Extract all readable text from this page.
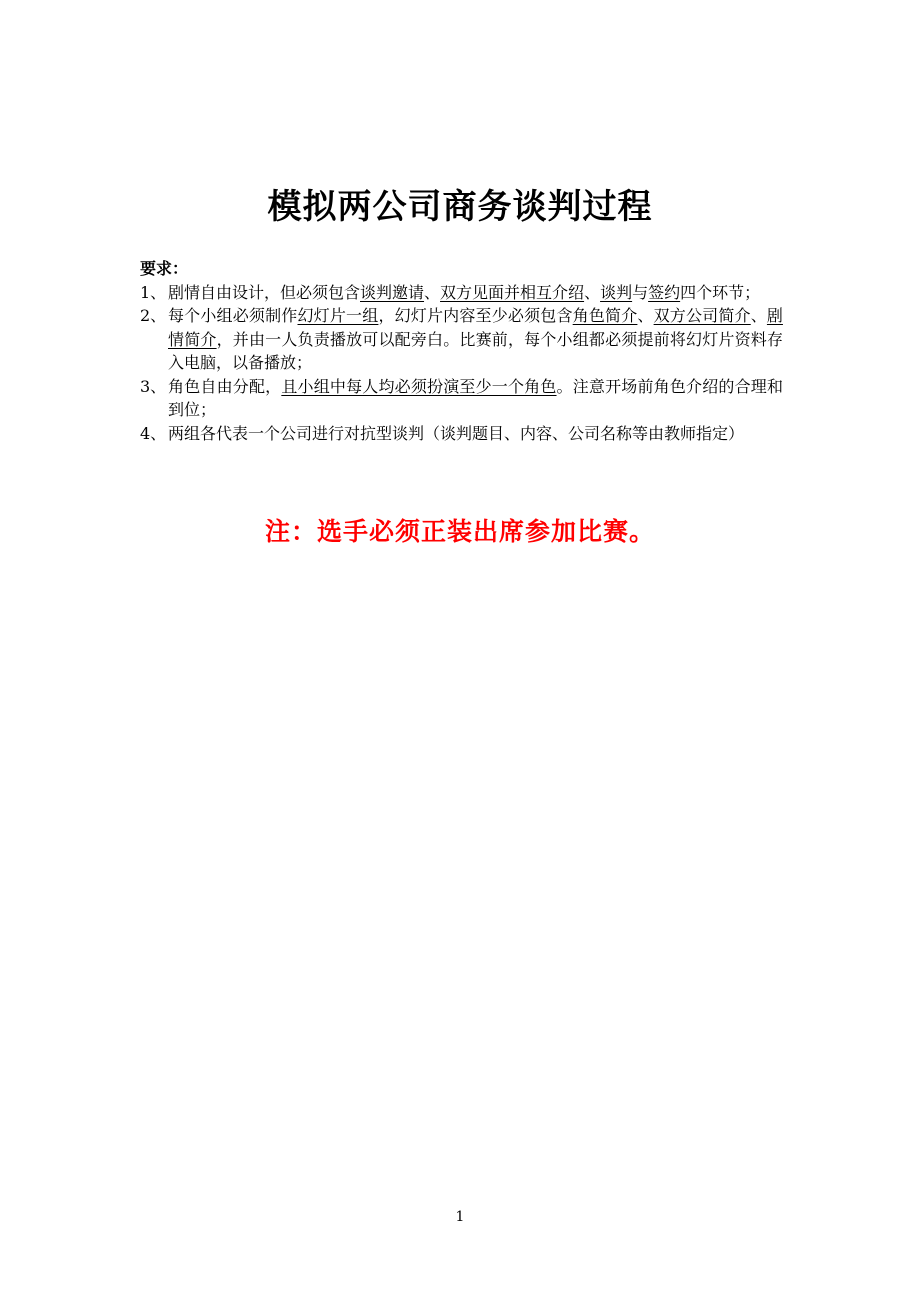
模拟两公司商务谈判过程

要求：

1、 剧情自由设计，但必须包含谈判邀请、双方见面并相互介绍、谈判与签约四个环节；
2、 每个小组必须制作幻灯片一组，幻灯片内容至少必须包含角色简介、双方公司简介、剧情简介，并由一人负责播放可以配旁白。比赛前，每个小组都必须提前将幻灯片资料存入电脑，以备播放；
3、 角色自由分配，且小组中每人均必须扮演至少一个角色。注意开场前角色介绍的合理和到位；
4、 两组各代表一个公司进行对抗型谈判（谈判题目、内容、公司名称等由教师指定）
注：选手必须正装出席参加比赛。
1
